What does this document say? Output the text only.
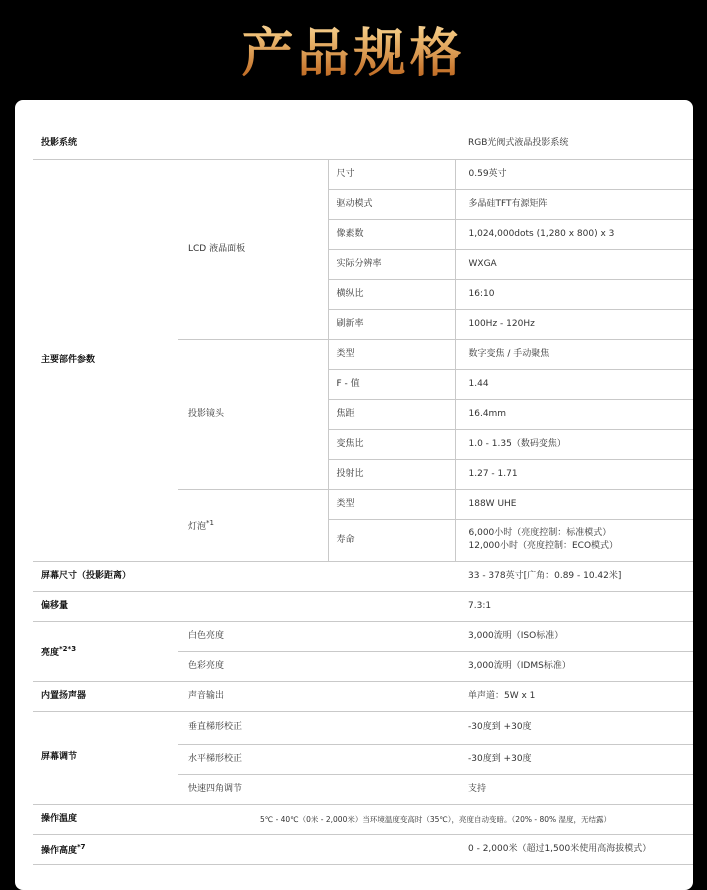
产品规格
投影系统			RGB光阀式液晶投影系统
主要部件参数	LCD 液晶面板	尺寸	0.59英寸
		驱动模式	多晶硅TFT有源矩阵
		像素数	1,024,000dots (1,280 x 800) x 3
		实际分辨率	WXGA
		横纵比	16:10
		刷新率	100Hz - 120Hz
	投影镜头	类型	数字变焦 / 手动聚焦
		F - 值	1.44
		焦距	16.4mm
		变焦比	1.0 - 1.35（数码变焦）
		投射比	1.27 - 1.71
	灯泡$^{*1}$	类型	188W UHE
		寿命	6,000小时（亮度控制：标准模式）
12,000小时（亮度控制：ECO模式）

屏幕尺寸（投影距离）			33 - 378英寸[广角：0.89 - 10.42米]
偏移量			7.3:1
亮度$^{*2*3}$	白色亮度		3,000流明（ISO标准）
	色彩亮度		3,000流明（IDMS标准）
内置扬声器	声音输出		单声道：5W x 1
屏幕调节	垂直梯形校正		-30度到 +30度
	水平梯形校正		-30度到 +30度
	快速四角调节		支持
操作温度	5℃ - 40℃（0米 - 2,000米）当环境温度变高时（35℃），亮度自动变暗。（20% - 80% 湿度，无结露）		
操作高度$^{*7}$			0 - 2,000米（超过1,500米使用高海拔模式）
